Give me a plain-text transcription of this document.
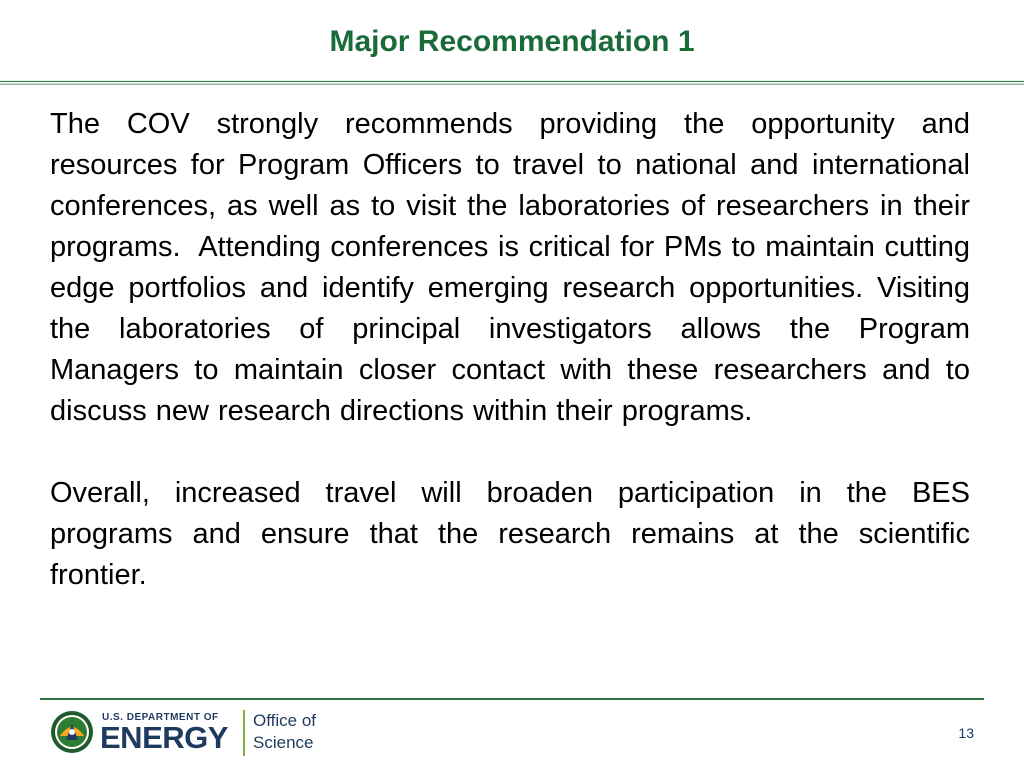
Major Recommendation 1

The COV strongly recommends providing the opportunity and resources for Program Officers to travel to national and international conferences, as well as to visit the laboratories of researchers in their programs.  Attending conferences is critical for PMs to maintain cutting edge portfolios and identify emerging research opportunities. Visiting the laboratories of principal investigators allows the Program Managers to maintain closer contact with these researchers and to discuss new research directions within their programs.

Overall, increased travel will broaden participation in the BES programs and ensure that the research remains at the scientific frontier.

U.S. DEPARTMENT OF
ENERGY Office of
Science	13
